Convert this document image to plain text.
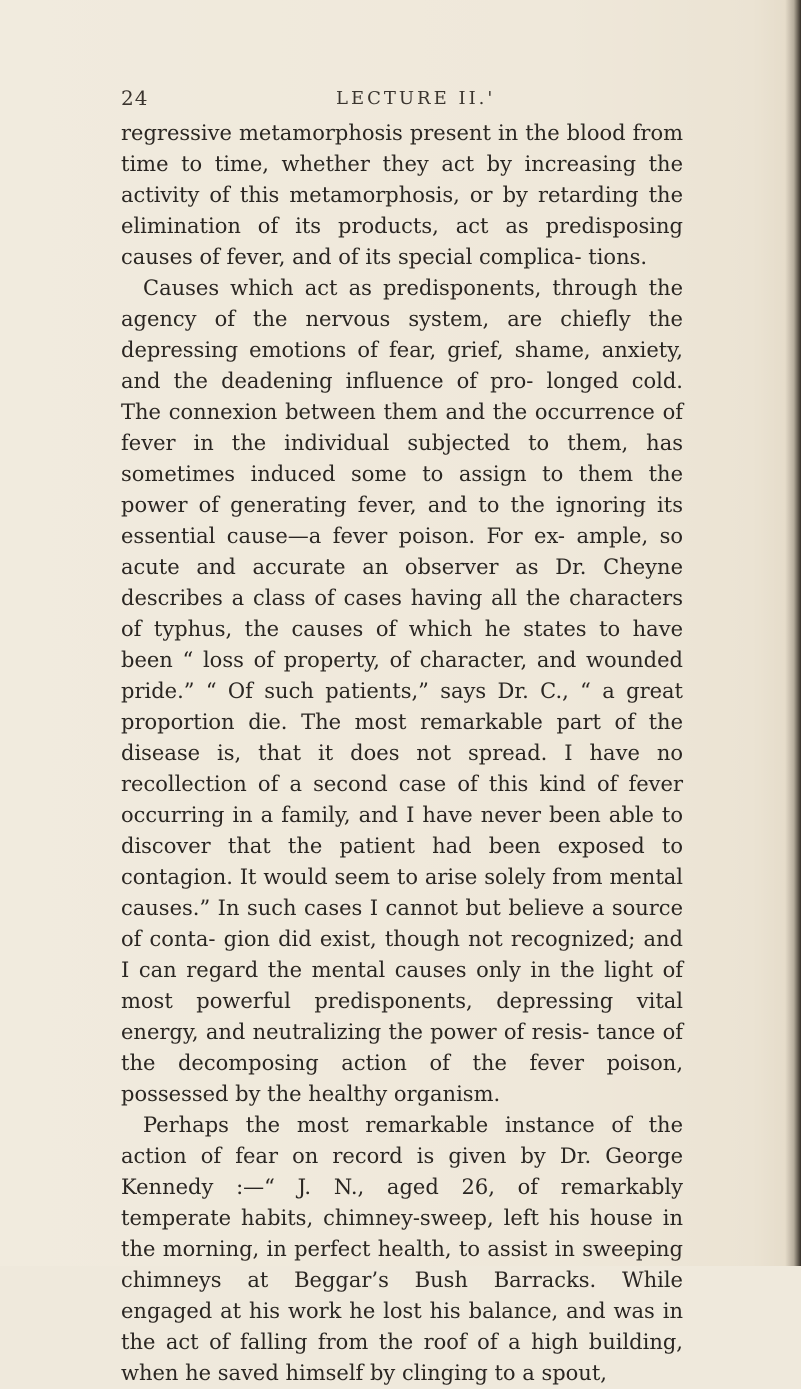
24	LECTURE II.'

regressive metamorphosis present in the blood from time to time, whether they act by increasing the activity of this metamorphosis, or by retarding the elimination of its products, act as predisposing causes of fever, and of its special complica- tions.

Causes which act as predisponents, through the agency of the nervous system, are chiefly the depressing emotions of fear, grief, shame, anxiety, and the deadening influence of pro- longed cold. The connexion between them and the occurrence of fever in the individual subjected to them, has sometimes induced some to assign to them the power of generating fever, and to the ignoring its essential cause—a fever poison. For ex- ample, so acute and accurate an observer as Dr. Cheyne describes a class of cases having all the characters of typhus, the causes of which he states to have been “ loss of property, of character, and wounded pride.” “ Of such patients,” says Dr. C., “ a great proportion die. The most remarkable part of the disease is, that it does not spread. I have no recollection of a second case of this kind of fever occurring in a family, and I have never been able to discover that the patient had been exposed to contagion. It would seem to arise solely from mental causes.” In such cases I cannot but believe a source of conta- gion did exist, though not recognized; and I can regard the mental causes only in the light of most powerful predisponents, depressing vital energy, and neutralizing the power of resis- tance of the decomposing action of the fever poison, possessed by the healthy organism.

Perhaps the most remarkable instance of the action of fear on record is given by Dr. George Kennedy :—“ J. N., aged 26, of remarkably temperate habits, chimney-sweep, left his house in the morning, in perfect health, to assist in sweeping chimneys at Beggar’s Bush Barracks. While engaged at his work he lost his balance, and was in the act of falling from the roof of a high building, when he saved himself by clinging to a spout,
